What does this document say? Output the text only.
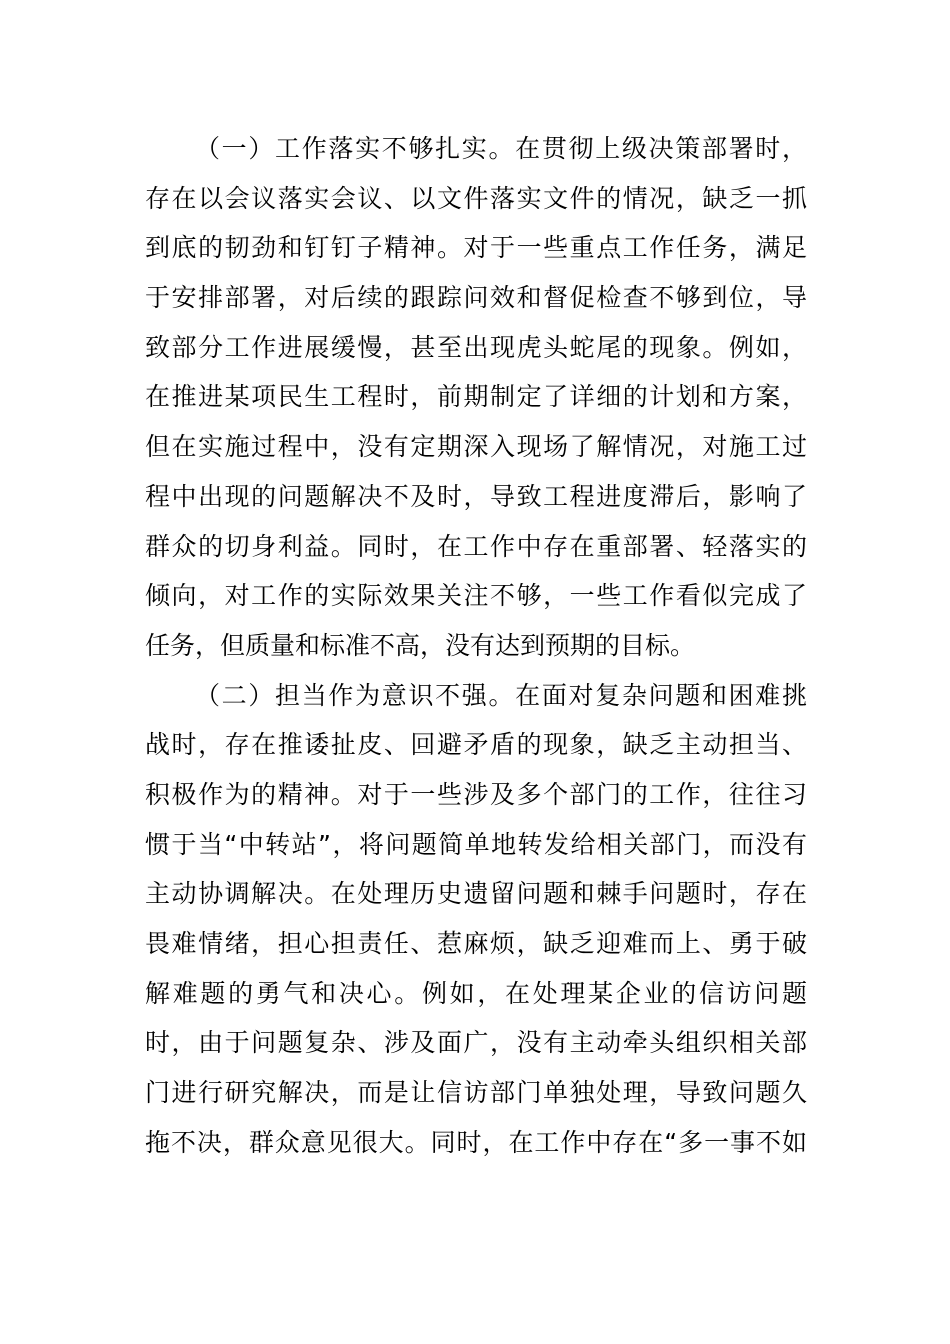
（一）工作落实不够扎实。在贯彻上级决策部署时，
存在以会议落实会议、以文件落实文件的情况，缺乏一抓
到底的韧劲和钉钉子精神。对于一些重点工作任务，满足
于安排部署，对后续的跟踪问效和督促检查不够到位，导
致部分工作进展缓慢，甚至出现虎头蛇尾的现象。例如，
在推进某项民生工程时，前期制定了详细的计划和方案，
但在实施过程中，没有定期深入现场了解情况，对施工过
程中出现的问题解决不及时，导致工程进度滞后，影响了
群众的切身利益。同时，在工作中存在重部署、轻落实的
倾向，对工作的实际效果关注不够，一些工作看似完成了
任务，但质量和标准不高，没有达到预期的目标。
（二）担当作为意识不强。在面对复杂问题和困难挑
战时，存在推诿扯皮、回避矛盾的现象，缺乏主动担当、
积极作为的精神。对于一些涉及多个部门的工作，往往习
惯于当“中转站”，将问题简单地转发给相关部门，而没有
主动协调解决。在处理历史遗留问题和棘手问题时，存在
畏难情绪，担心担责任、惹麻烦，缺乏迎难而上、勇于破
解难题的勇气和决心。例如，在处理某企业的信访问题
时，由于问题复杂、涉及面广，没有主动牵头组织相关部
门进行研究解决，而是让信访部门单独处理，导致问题久
拖不决，群众意见很大。同时，在工作中存在“多一事不如
